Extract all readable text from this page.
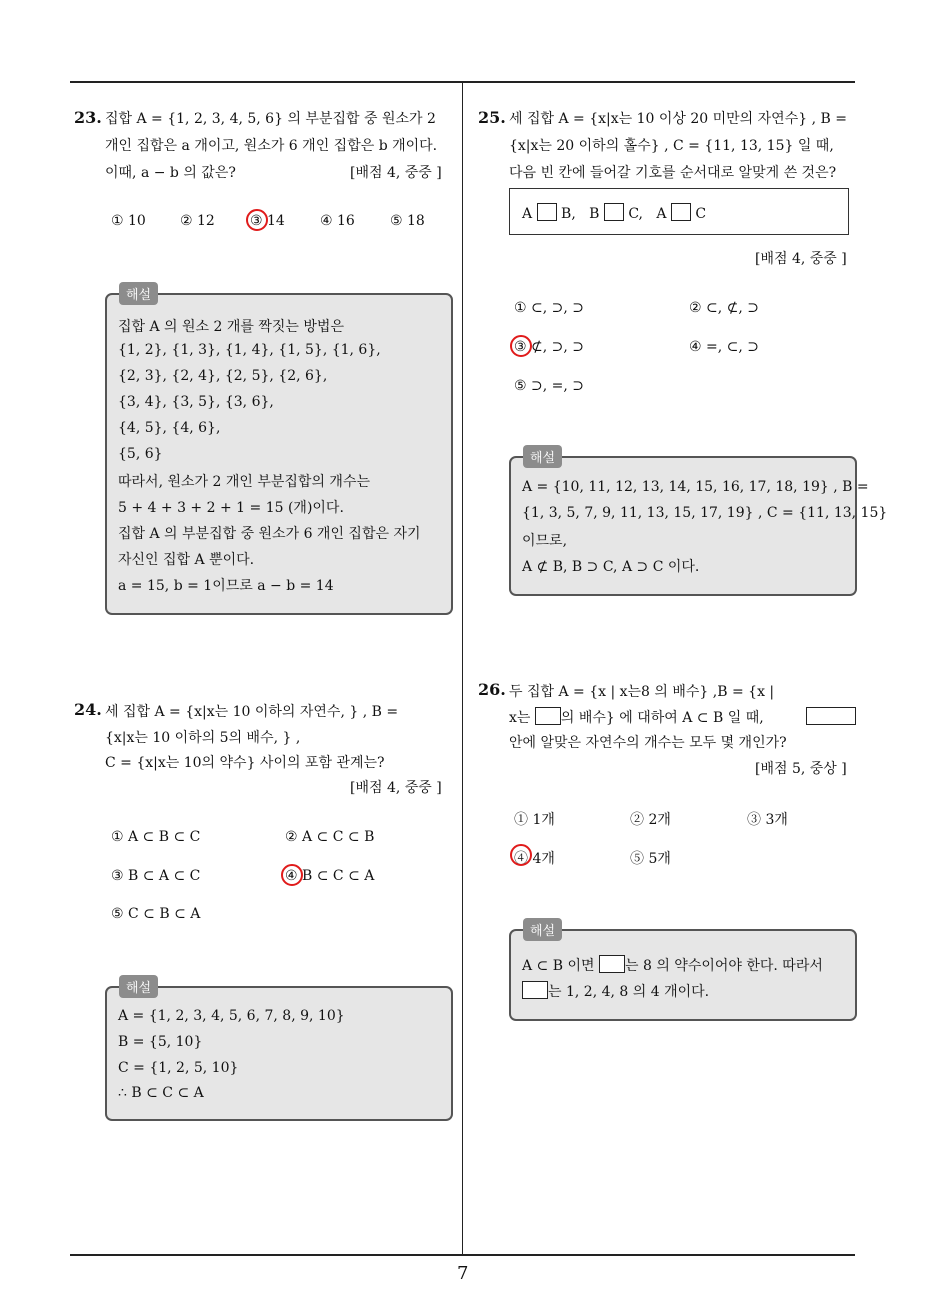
23. 집합 A = {1, 2, 3, 4, 5, 6} 의 부분집합 중 원소가 2
개인 집합은 a 개이고, 원소가 6 개인 집합은 b 개이다.
이때, a − b 의 값은?	[배점 4, 중중 ]
① 10 ② 12	③ 14	④ 16	⑤ 18
해설
집합 A 의 원소 2 개를 짝짓는 방법은
{1, 2}, {1, 3}, {1, 4}, {1, 5}, {1, 6},
{2, 3}, {2, 4}, {2, 5}, {2, 6},
{3, 4}, {3, 5}, {3, 6},
{4, 5}, {4, 6},
{5, 6}
따라서, 원소가 2 개인 부분집합의 개수는
5 + 4 + 3 + 2 + 1 = 15 (개)이다.
집합 A 의 부분집합 중 원소가 6 개인 집합은 자기
자신인 집합 A 뿐이다.
a = 15, b = 1이므로 a − b = 14
24. 세 집합 A = {x|x는 10 이하의 자연수, } , B =
{x|x는 10 이하의 5의 배수, } ,
C = {x|x는 10의 약수} 사이의 포함 관계는?
[배점 4, 중중 ]
① A ⊂ B ⊂ C	② A ⊂ C ⊂ B
③ B ⊂ A ⊂ C	④ B ⊂ C ⊂ A
⑤ C ⊂ B ⊂ A
해설
A = {1, 2, 3, 4, 5, 6, 7, 8, 9, 10}
B = {5, 10}
C = {1, 2, 5, 10}
∴ B ⊂ C ⊂ A
25. 세 집합 A = {x|x는 10 이상 20 미만의 자연수} , B =
{x|x는 20 이하의 홀수} , C = {11, 13, 15} 일 때,
다음 빈 칸에 들어갈 기호를 순서대로 알맞게 쓴 것은?
A B, B C, A C
[배점 4, 중중 ]
① ⊂, ⊃, ⊃	② ⊂, ⊄, ⊃
③ ⊄, ⊃, ⊃	④ =, ⊂, ⊃
⑤ ⊃, =, ⊃
해설
A = {10, 11, 12, 13, 14, 15, 16, 17, 18, 19} , B =
{1, 3, 5, 7, 9, 11, 13, 15, 17, 19} , C = {11, 13, 15}
이므로,
A ⊄ B, B ⊃ C, A ⊃ C 이다.
26. 두 집합 A = {x | x는8 의 배수} ,B = {x |
x는 의 배수} 에 대하여 A ⊂ B 일 때,
안에 알맞은 자연수의 개수는 모두 몇 개인가?
[배점 5, 중상 ]
① 1개	② 2개	③ 3개
④ 4개	⑤ 5개
해설
A ⊂ B 이면 는 8 의 약수이어야 한다. 따라서
는 1, 2, 4, 8 의 4 개이다.
7
